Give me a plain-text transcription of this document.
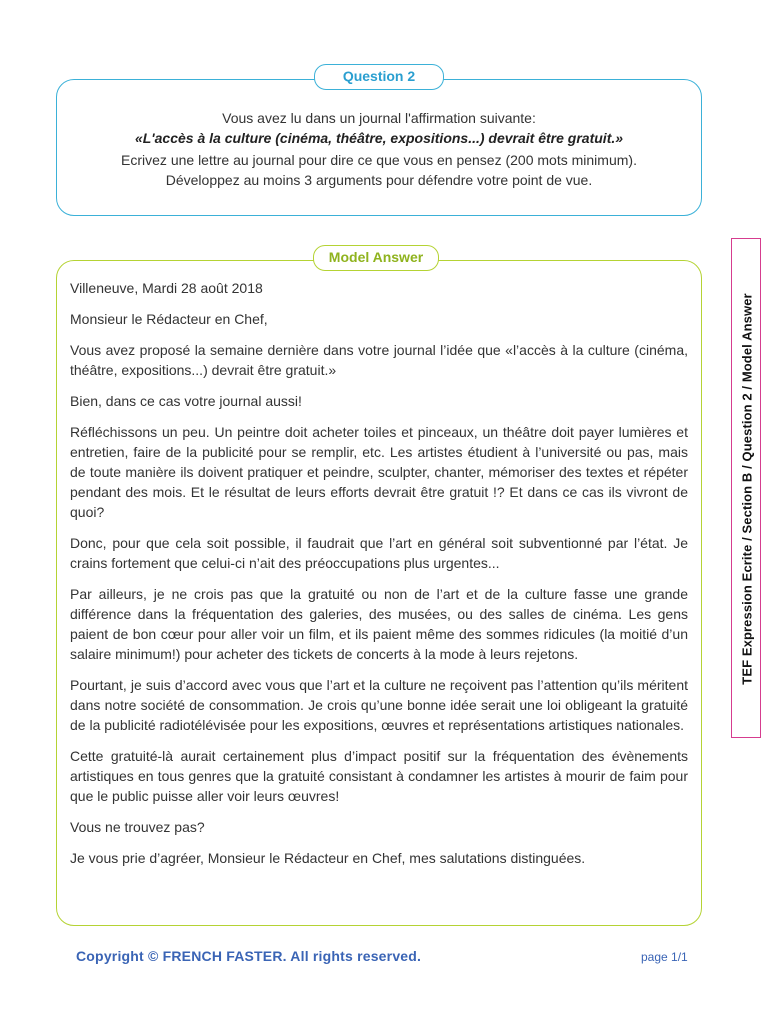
Question 2

Vous avez lu dans un journal l'affirmation suivante:

«L'accès à la culture (cinéma, théâtre, expositions...) devrait être gratuit.»

Ecrivez une lettre au journal pour dire ce que vous en pensez (200 mots minimum).

Développez au moins 3 arguments pour défendre votre point de vue.

Model Answer

Villeneuve, Mardi 28 août 2018

Monsieur le Rédacteur en Chef,

Vous avez proposé la semaine dernière dans votre journal l’idée que «l’accès à la culture (cinéma, théâtre, expositions...) devrait être gratuit.»

Bien, dans ce cas votre journal aussi!

Réfléchissons un peu. Un peintre doit acheter toiles et pinceaux, un théâtre doit payer lumières et entretien, faire de la publicité pour se remplir, etc. Les artistes étudient à l’université ou pas, mais de toute manière ils doivent pratiquer et peindre, sculpter, chanter, mémoriser des textes et répéter pendant des mois. Et le résultat de leurs efforts devrait être gratuit !? Et dans ce cas ils vivront de quoi?

Donc, pour que cela soit possible, il faudrait que l’art en général soit subventionné par l’état. Je crains fortement que celui-ci n’ait des préoccupations plus urgentes...

Par ailleurs, je ne crois pas que la gratuité ou non de l’art et de la culture fasse une grande différence dans la fréquentation des galeries, des musées, ou des salles de cinéma. Les gens paient de bon cœur pour aller voir un film, et ils paient même des sommes ridicules (la moitié d’un salaire minimum!) pour acheter des tickets de concerts à la mode à leurs rejetons.

Pourtant, je suis d’accord avec vous que l’art et la culture ne reçoivent pas l’attention qu’ils méritent dans notre société de consommation. Je crois qu’une bonne idée serait une loi obligeant la gratuité de la publicité radiotélévisée pour les expositions, œuvres et représentations artistiques nationales.

Cette gratuité-là aurait certainement plus d’impact positif sur la fréquentation des évènements artistiques en tous genres que la gratuité consistant à condamner les artistes à mourir de faim pour que le public puisse aller voir leurs œuvres!

Vous ne trouvez pas?

Je vous prie d’agréer, Monsieur le Rédacteur en Chef, mes salutations distinguées.

TEF Expression Ecrite / Section B / Question 2 / Model Answer
Copyright © FRENCH FASTER. All rights reserved.	page 1/1
